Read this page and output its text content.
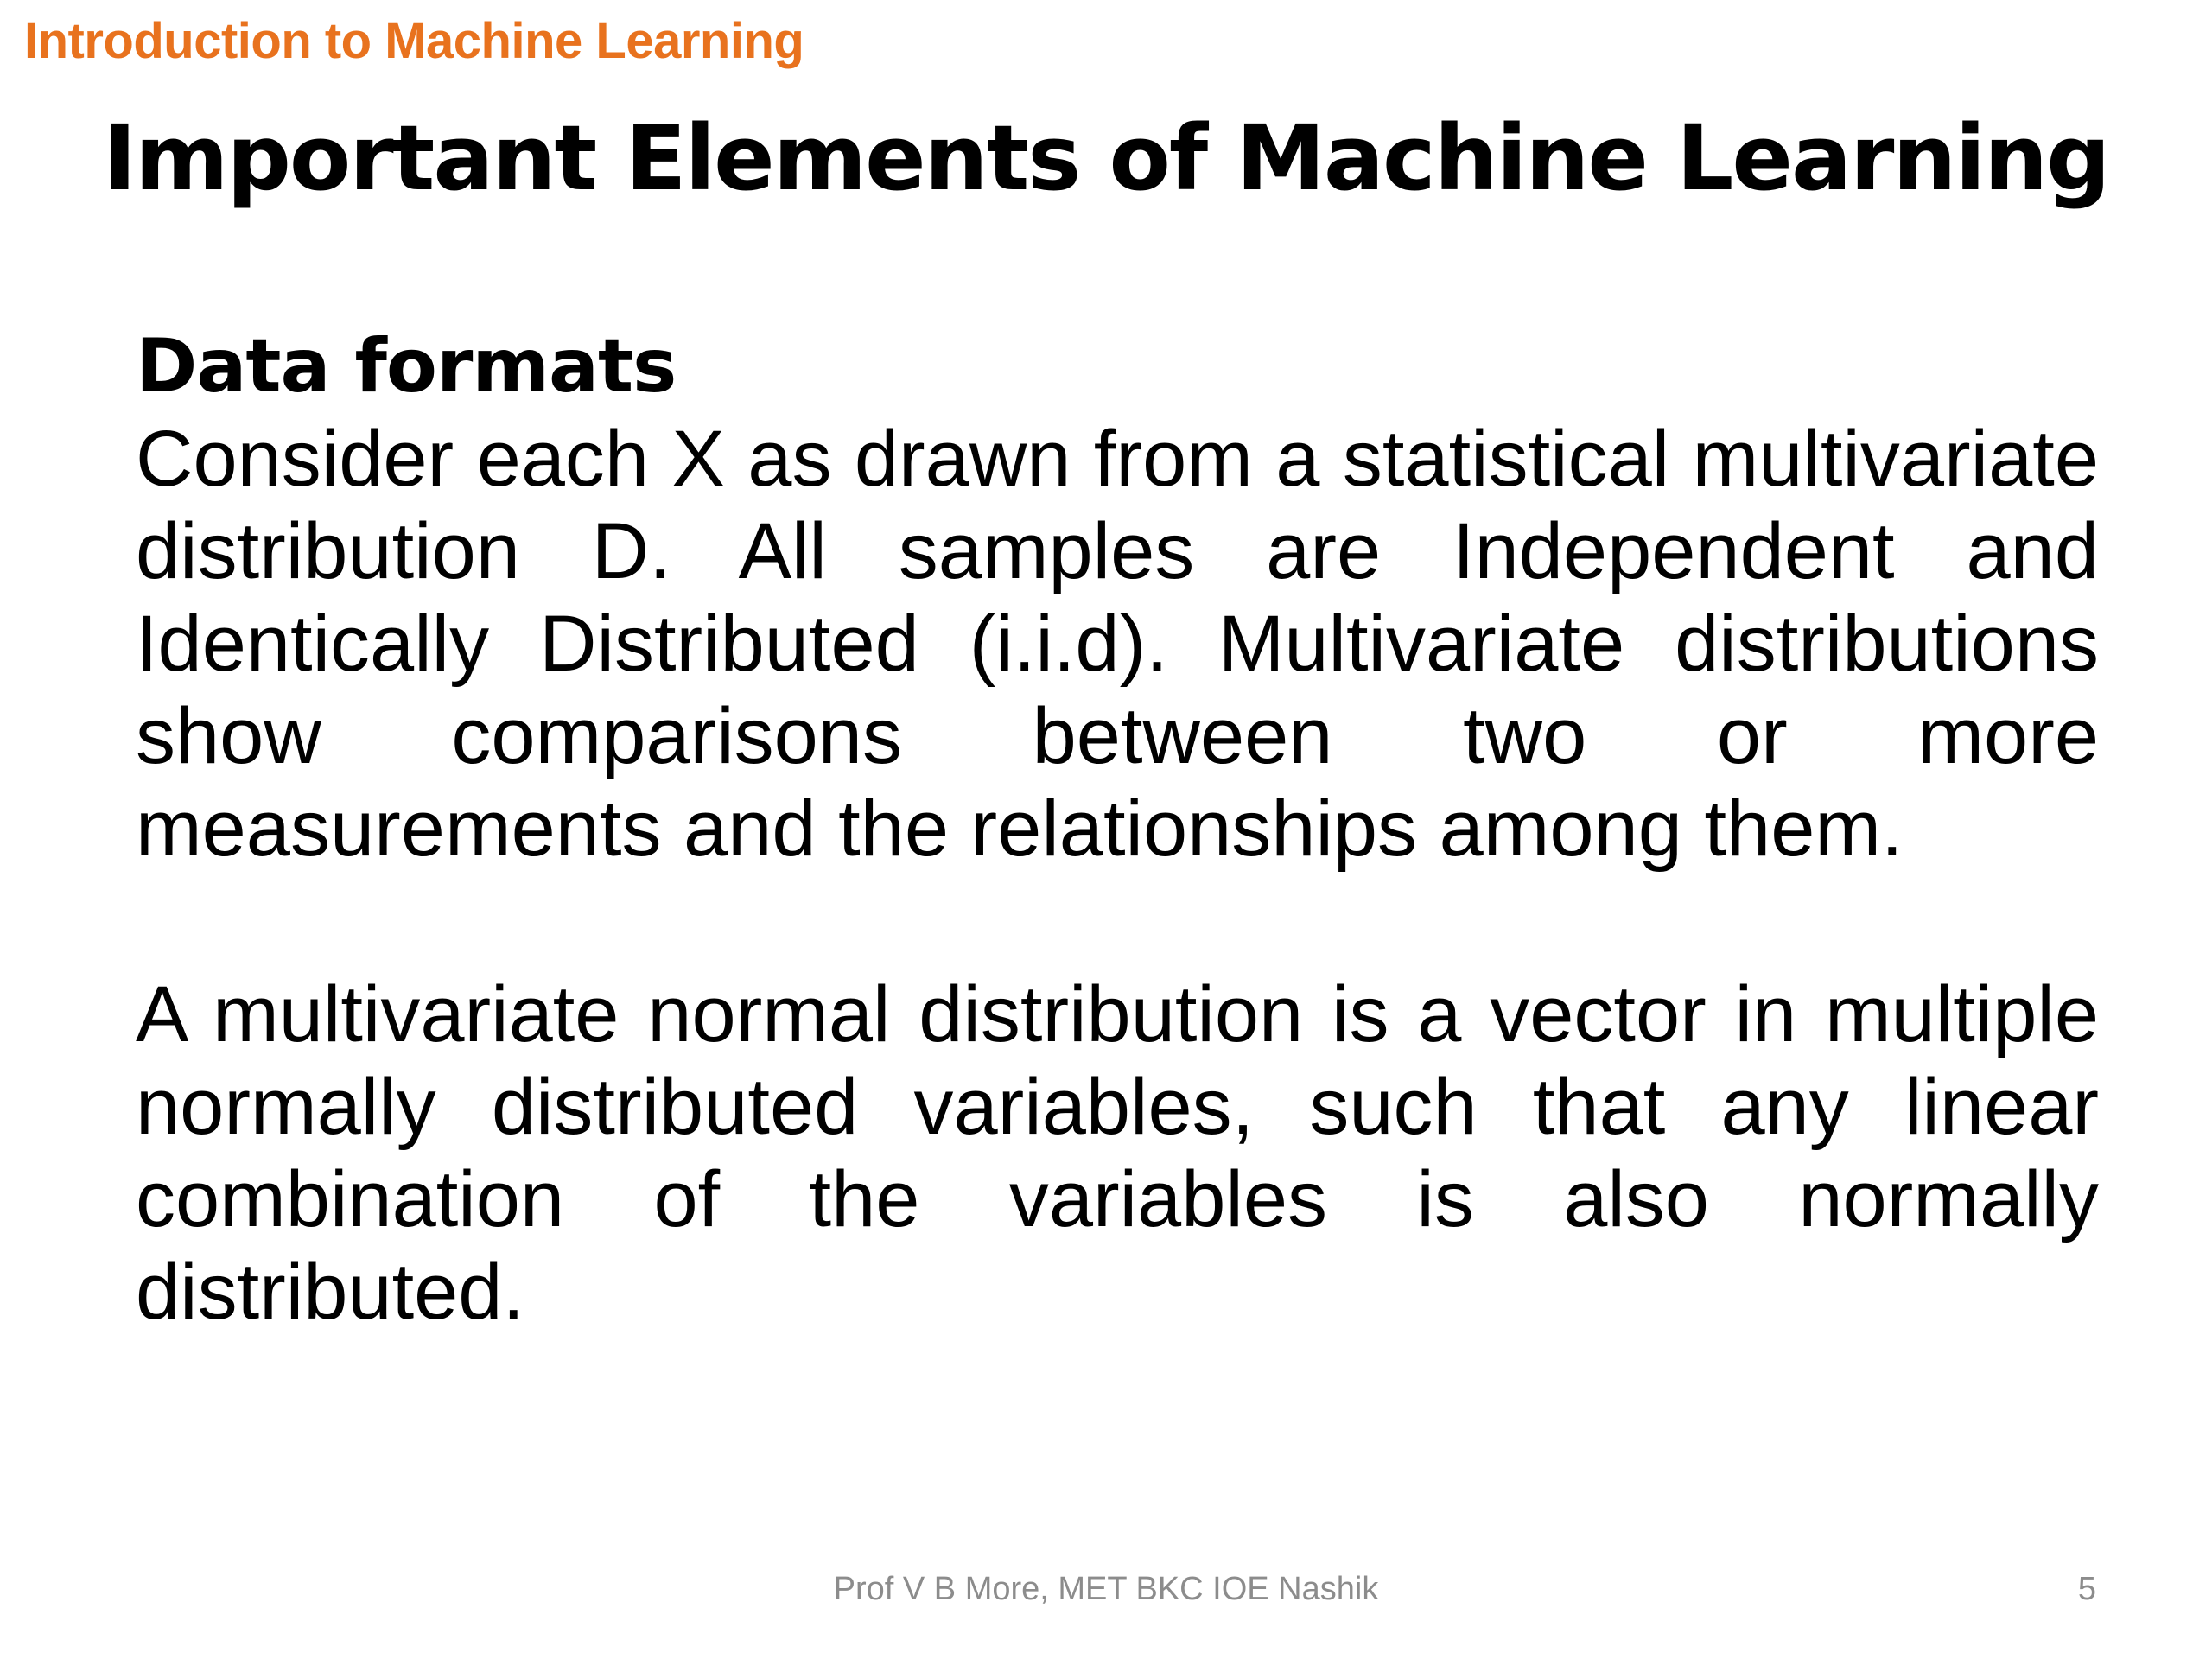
Introduction to Machine Learning
Important Elements of Machine Learning
Data formats

Consider each X as drawn from a statistical multivariate distribution D. All samples are Independent and Identically Distributed (i.i.d). Multivariate distributions show comparisons between two or more measurements and the relationships among them.

A multivariate normal distribution is a vector in multiple normally distributed variables, such that any linear combination of the variables is also normally distributed.

Prof V B More, MET BKC IOE Nashik	5
